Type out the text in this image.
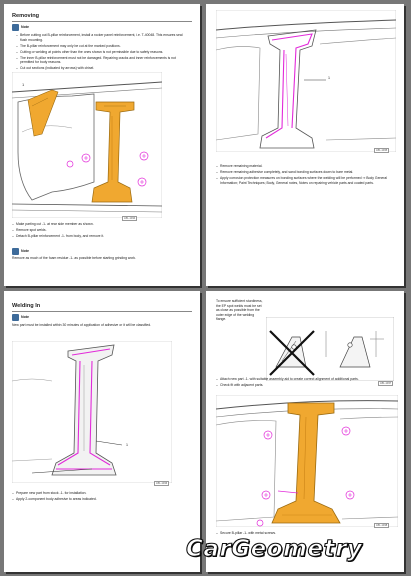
Removing

Note
– Before cutting out B-pillar reinforcement, install a rocker panel reinforcement, i.e. T-40048. This ensures seal flush mounting.
– The B-pillar reinforcement may only be cut at the marked positions.
– Cutting or welding at points other than the ones shown is not permissible due to safety reasons.
– The inner B-pillar reinforcement must not be damaged. Repairing cracks and inner reinforcements is not permitted for body reasons.
– Cut out sections (indicated by arrows) with chisel.
1
A51-1034
– Make parting cut -1- at rear side member as shown.
– Remove spot welds.
– Detach B-pillar reinforcement -1- from body, and remove it.
Note

Remove as much of the foam residue -1- as possible before starting grinding work.

1
A51-1035
– Remove remaining material.
– Remove remaining adhesive completely, and sand bonding surfaces down to bare metal.
– Apply corrosion protection measures on bonding surfaces where the welding will be performed ⇒ Body General Information; Paint Techniques; Body, General notes, Notes on repairing vehicle parts and coated parts.

Welding In

Note

New part must be installed within 30 minutes of application of adhesive or it will be classified.

1
A51-1036
– Prepare new part from stock -1- for installation.
– Apply 2-component body adhesive to areas indicated.

To ensure sufficient sturdiness, the EP spot welds must be set as close as possible from the outer edge of the welding flange.

A51-1037
– Attach new part -1- with suitable assembly aid to create correct alignment of additional parts.
– Check fit with adjacent parts.
A51-1038
– Secure B-pillar -1- with metal screws.
CarGeometry
